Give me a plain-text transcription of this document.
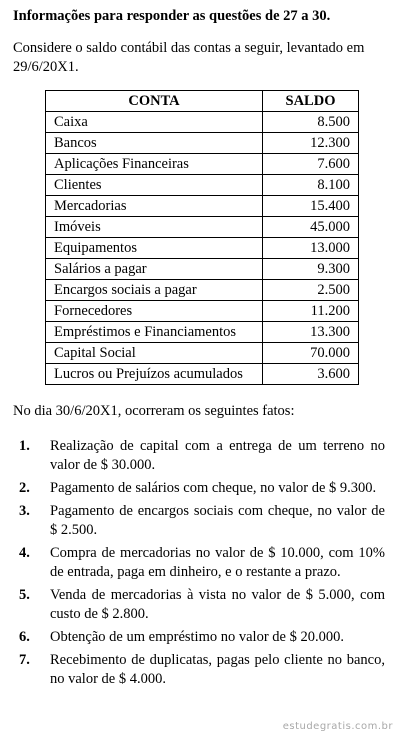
Informações para responder as questões de 27 a 30.
Considere o saldo contábil das contas a seguir, levantado em 29/6/20X1.
CONTA	SALDO
Caixa	8.500
Bancos	12.300
Aplicações Financeiras	7.600
Clientes	8.100
Mercadorias	15.400
Imóveis	45.000
Equipamentos	13.000
Salários a pagar	9.300
Encargos sociais a pagar	2.500
Fornecedores	11.200
Empréstimos e Financiamentos	13.300
Capital Social	70.000
Lucros ou Prejuízos acumulados	3.600
No dia 30/6/20X1, ocorreram os seguintes fatos:
1. Realização de capital com a entrega de um terreno no valor de $ 30.000.
2. Pagamento de salários com cheque, no valor de $ 9.300.
3. Pagamento de encargos sociais com cheque, no valor de $ 2.500.
4. Compra de mercadorias no valor de $ 10.000, com 10% de entrada, paga em dinheiro, e o restante a prazo.
5. Venda de mercadorias à vista no valor de $ 5.000, com custo de $ 2.800.
6. Obtenção de um empréstimo no valor de $ 20.000.
7. Recebimento de duplicatas, pagas pelo cliente no banco, no valor de $ 4.000.
estudegratis.com.br
